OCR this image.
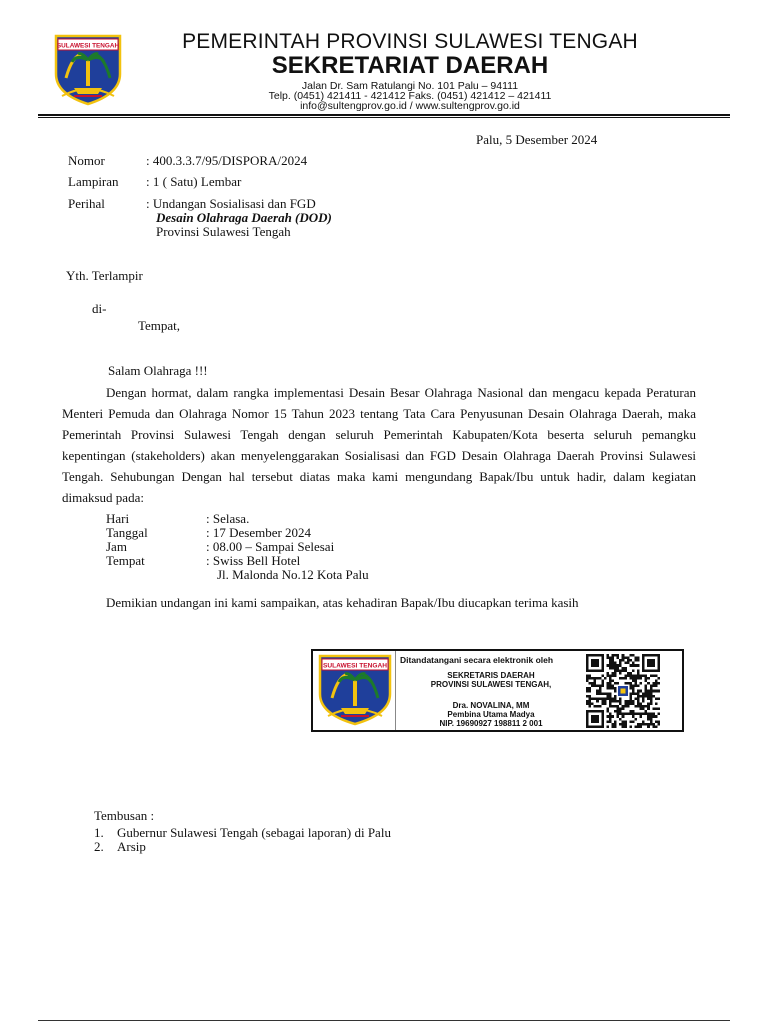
SULAWESI TENGAH	PEMERINTAH PROVINSI SULAWESI TENGAH
SEKRETARIAT DAERAH
Jalan Dr. Sam Ratulangi No. 101 Palu – 94111
Telp. (0451) 421411 - 421412 Faks. (0451) 421412 – 421411
info@sultengprov.go.id / www.sultengprov.go.id
Palu, 5 Desember 2024
Nomor	: 400.3.3.7/95/DISPORA/2024
Lampiran : 1 ( Satu) Lembar
Perihal	: Undangan Sosialisasi dan FGD
Desain Olahraga Daerah (DOD)
Provinsi Sulawesi Tengah
Yth. Terlampir
di-
Tempat,
Salam Olahraga !!!
Dengan hormat, dalam rangka implementasi Desain Besar Olahraga Nasional dan mengacu kepada Peraturan Menteri Pemuda dan Olahraga Nomor 15 Tahun 2023 tentang Tata Cara Penyusunan Desain Olahraga Daerah, maka Pemerintah Provinsi Sulawesi Tengah dengan seluruh Pemerintah Kabupaten/Kota beserta seluruh pemangku kepentingan (stakeholders) akan menyelenggarakan Sosialisasi dan FGD Desain Olahraga Daerah Provinsi Sulawesi Tengah. Sehubungan Dengan hal tersebut diatas maka kami mengundang Bapak/Ibu untuk hadir, dalam kegiatan dimaksud pada:
Hari	: Selasa.
Tanggal	: 17 Desember 2024
Jam	: 08.00 – Sampai Selesai
Tempat	: Swiss Bell Hotel
Jl. Malonda No.12 Kota Palu
Demikian undangan ini kami sampaikan, atas kehadiran Bapak/Ibu diucapkan terima kasih
SULAWESI TENGAH
Ditandatangani secara elektronik oleh
SEKRETARIS DAERAH
PROVINSI SULAWESI TENGAH,
Dra. NOVALINA, MM
Pembina Utama Madya
NIP. 19690927 198811 2 001
Tembusan :
1. Gubernur Sulawesi Tengah (sebagai laporan) di Palu
2. Arsip
